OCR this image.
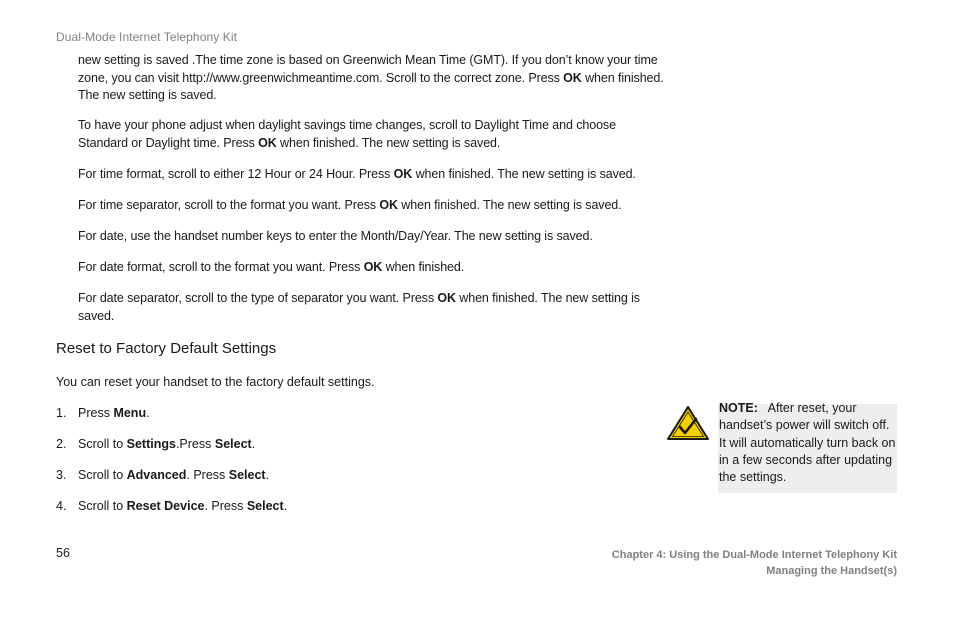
Dual-Mode Internet Telephony Kit
new setting is saved .The time zone is based on Greenwich Mean Time (GMT). If you don’t know your time zone, you can visit http://www.greenwichmeantime.com. Scroll to the correct zone. Press OK when finished. The new setting is saved.
To have your phone adjust when daylight savings time changes, scroll to Daylight Time and choose Standard or Daylight time. Press OK when finished. The new setting is saved.
For time format, scroll to either 12 Hour or 24 Hour. Press OK when finished. The new setting is saved.
For time separator, scroll to the format you want. Press OK when finished. The new setting is saved.
For date, use the handset number keys to enter the Month/Day/Year. The new setting is saved.
For date format, scroll to the format you want. Press OK when finished.
For date separator, scroll to the type of separator you want. Press OK when finished. The new setting is saved.
Reset to Factory Default Settings
You can reset your handset to the factory default settings.
1. Press Menu.
2. Scroll to Settings.Press Select.
3. Scroll to Advanced. Press Select.
4. Scroll to Reset Device. Press Select.
NOTE: After reset, your handset’s power will switch off. It will automatically turn back on in a few seconds after updating the settings.
56	Chapter 4: Using the Dual-Mode Internet Telephony Kit
Managing the Handset(s)
